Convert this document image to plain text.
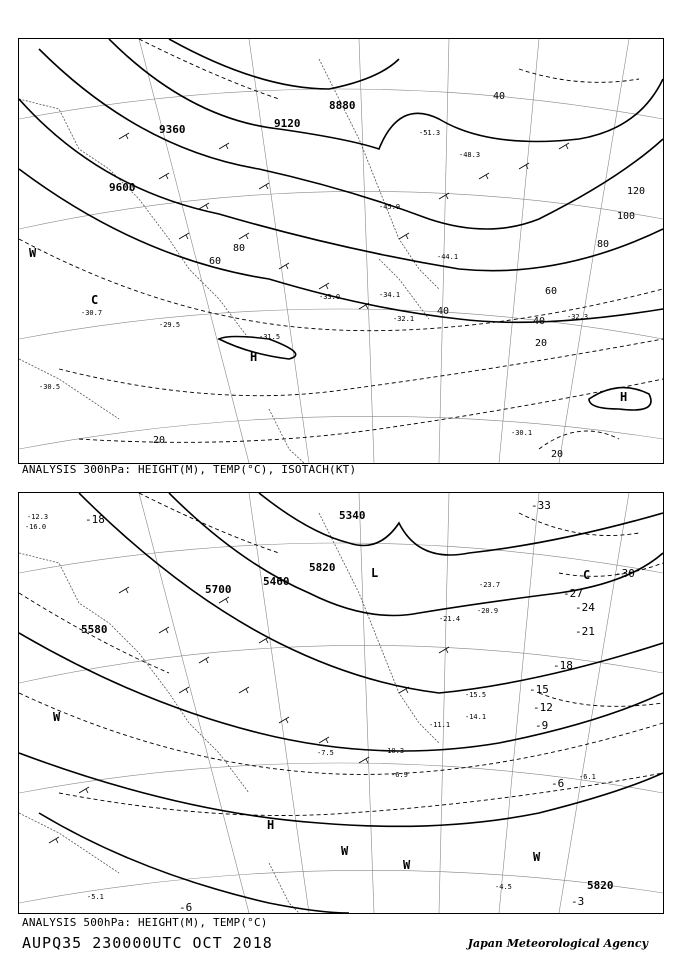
9600
9360	9120
8880
120
100
80
60
40
20
20
40
60
80
40
20
H
H
C
W
-30.7
-31.5
-32.1
-33.0	-34.1
-44.1
-45.9
-51.3
-48.3
-29.5
-30.1
-32.3
-30.5
ANALYSIS 300hPa: HEIGHT(M), TEMP(°C), ISOTACH(KT)
5820
5700
5580
5460
5340
5820
-33
-30
-27
-24
-21
-18
-15
-12
-9
-6
-6	-3
-18
L	C
H
W
W
W
W
-12.3
-16.0
-21.4
-23.7
-20.9
-15.5
-14.1
-10.3
-6.9	-6.1
-4.5
-5.1
-11.1
-7.5
ANALYSIS 500hPa: HEIGHT(M), TEMP(°C)
AUPQ35 230000UTC OCT 2018	Japan Meteorological Agency
